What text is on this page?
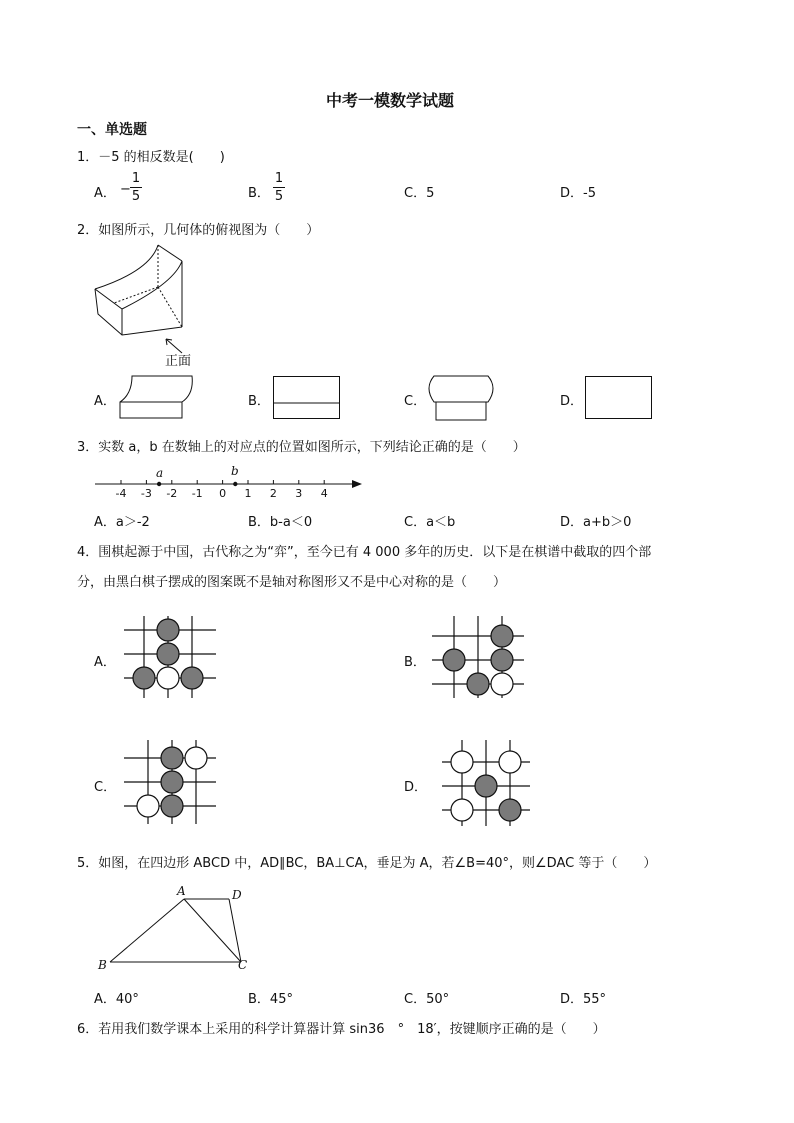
中考一模数学试题
一、单选题
1．－5 的相反数是(　　)
A． − $\frac{1}{5}$	B． $\frac{1}{5}$	C．5	D．-5
2．如图所示，几何体的俯视图为（　　）
正面
A．	B．	C．	D．
3．实数 a，b 在数轴上的对应点的位置如图所示，下列结论正确的是（　　）
-4 -3 -2 -1 0 1 2 3 4
a	b
A．a＞-2	B．b-a＜0	C．a＜b	D．a+b＞0
4．围棋起源于中国，古代称之为“弈”，至今已有 4 000 多年的历史．以下是在棋谱中截取的四个部
分，由黑白棋子摆成的图案既不是轴对称图形又不是中心对称的是（　　）
A．	B．
C．	D．
5．如图，在四边形 ABCD 中，AD∥BC，BA⊥CA，垂足为 A，若∠B=40°，则∠DAC 等于（　　）
A	D
B	C
A．40°	B．45°	C．50°	D．55°
6．若用我们数学课本上采用的科学计算器计算 sin36　°　18′，按键顺序正确的是（　　）
